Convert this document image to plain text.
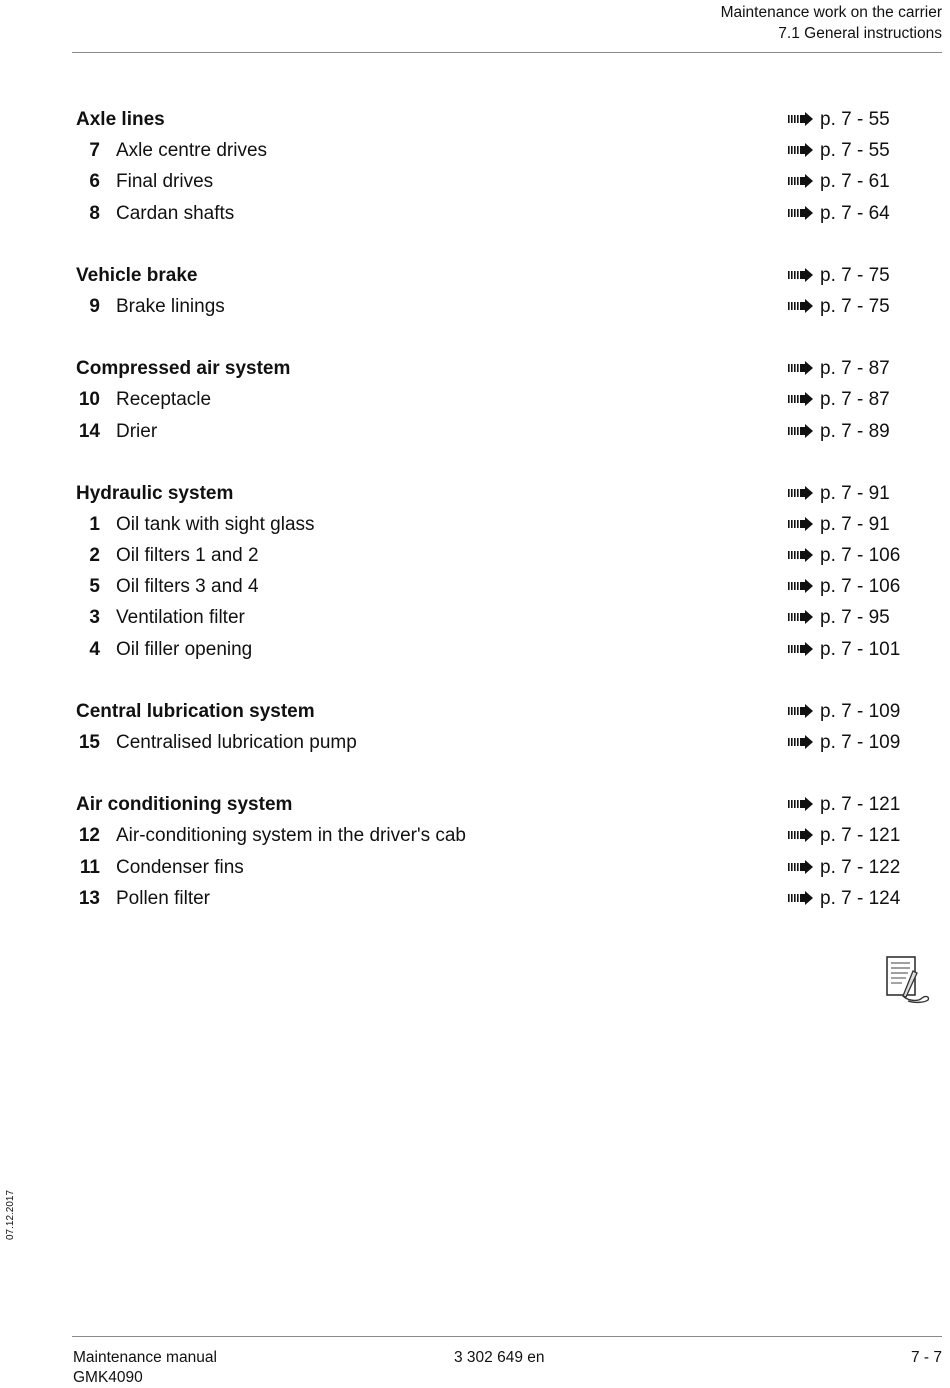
Maintenance work on the carrier
7.1 General instructions
Axle lines	p. 7 - 55
7 Axle centre drives	p. 7 - 55
6 Final drives	p. 7 - 61
8 Cardan shafts	p. 7 - 64
Vehicle brake	p. 7 - 75
9 Brake linings	p. 7 - 75
Compressed air system	p. 7 - 87
10 Receptacle	p. 7 - 87
14 Drier	p. 7 - 89
Hydraulic system	p. 7 - 91
1 Oil tank with sight glass	p. 7 - 91
2 Oil filters 1 and 2	p. 7 - 106
5 Oil filters 3 and 4	p. 7 - 106
3 Ventilation filter	p. 7 - 95
4 Oil filler opening	p. 7 - 101
Central lubrication system	p. 7 - 109
15 Centralised lubrication pump	p. 7 - 109
Air conditioning system	p. 7 - 121
12 Air-conditioning system in the driver's cab	p. 7 - 121
11 Condenser fins	p. 7 - 122
13 Pollen filter	p. 7 - 124
07.12.2017
Maintenance manual
GMK4090
3 302 649 en	7 - 7
